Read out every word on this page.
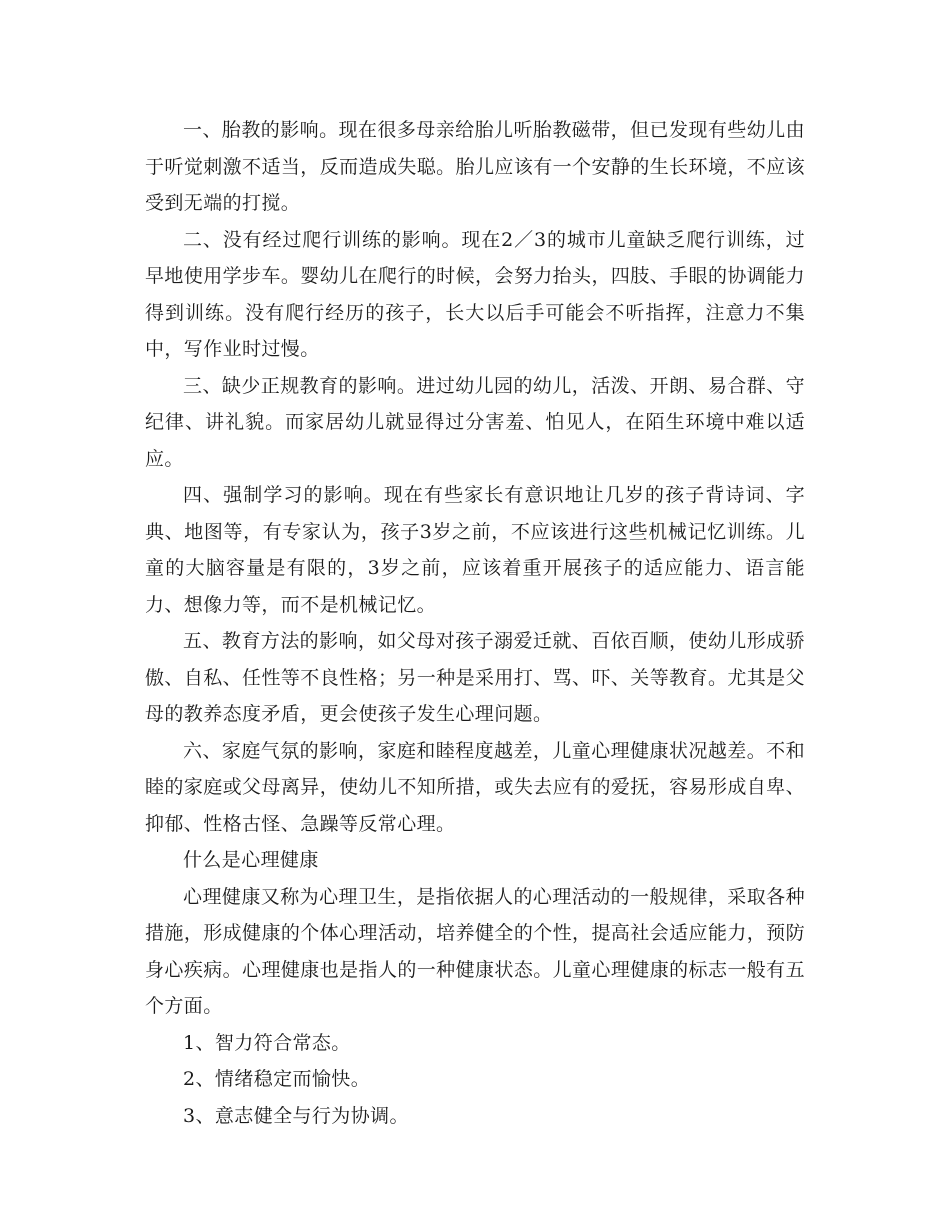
一、胎教的影响。现在很多母亲给胎儿听胎教磁带，但已发现有些幼儿由于听觉刺激不适当，反而造成失聪。胎儿应该有一个安静的生长环境，不应该受到无端的打搅。

二、没有经过爬行训练的影响。现在2／3的城市儿童缺乏爬行训练，过早地使用学步车。婴幼儿在爬行的时候，会努力抬头，四肢、手眼的协调能力得到训练。没有爬行经历的孩子，长大以后手可能会不听指挥，注意力不集中，写作业时过慢。

三、缺少正规教育的影响。进过幼儿园的幼儿，活泼、开朗、易合群、守纪律、讲礼貌。而家居幼儿就显得过分害羞、怕见人，在陌生环境中难以适应。

四、强制学习的影响。现在有些家长有意识地让几岁的孩子背诗词、字典、地图等，有专家认为，孩子3岁之前，不应该进行这些机械记忆训练。儿童的大脑容量是有限的，3岁之前，应该着重开展孩子的适应能力、语言能力、想像力等，而不是机械记忆。

五、教育方法的影响，如父母对孩子溺爱迁就、百依百顺，使幼儿形成骄傲、自私、任性等不良性格；另一种是采用打、骂、吓、关等教育。尤其是父母的教养态度矛盾，更会使孩子发生心理问题。

六、家庭气氛的影响，家庭和睦程度越差，儿童心理健康状况越差。不和睦的家庭或父母离异，使幼儿不知所措，或失去应有的爱抚，容易形成自卑、抑郁、性格古怪、急躁等反常心理。

什么是心理健康

心理健康又称为心理卫生，是指依据人的心理活动的一般规律，采取各种措施，形成健康的个体心理活动，培养健全的个性，提高社会适应能力，预防身心疾病。心理健康也是指人的一种健康状态。儿童心理健康的标志一般有五个方面。

1、智力符合常态。

2、情绪稳定而愉快。

3、意志健全与行为协调。
